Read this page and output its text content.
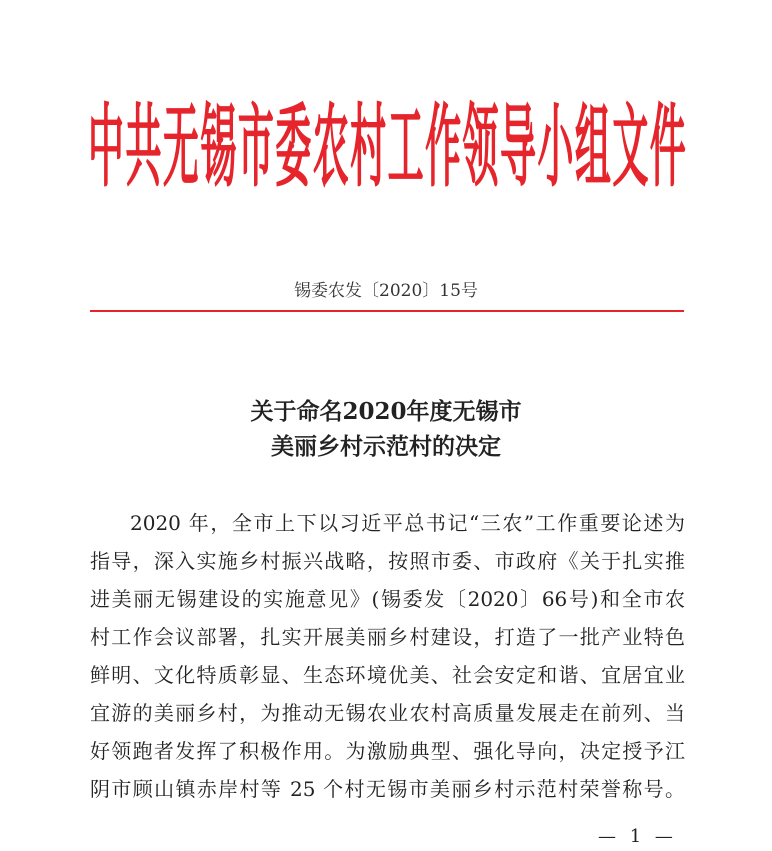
中 共 无 锡 市 委 农 村 工 作 领 导 小 组 文 件
锡委农发〔2020〕15号
关于命名2020年度无锡市
美丽乡村示范村的决定
2020 年，全市上下以习近平总书记“三农”工作重要论述为
指导，深入实施乡村振兴战略，按照市委、市政府《关于扎实推
进美丽无锡建设的实施意见》(锡委发〔2020〕66号)和全市农
村工作会议部署，扎实开展美丽乡村建设，打造了一批产业特色
鲜明、文化特质彰显、生态环境优美、社会安定和谐、宜居宜业
宜游的美丽乡村，为推动无锡农业农村高质量发展走在前列、当
好领跑者发挥了积极作用。为激励典型、强化导向，决定授予江
阴市顾山镇赤岸村等 25 个村无锡市美丽乡村示范村荣誉称号。
— 1 —
